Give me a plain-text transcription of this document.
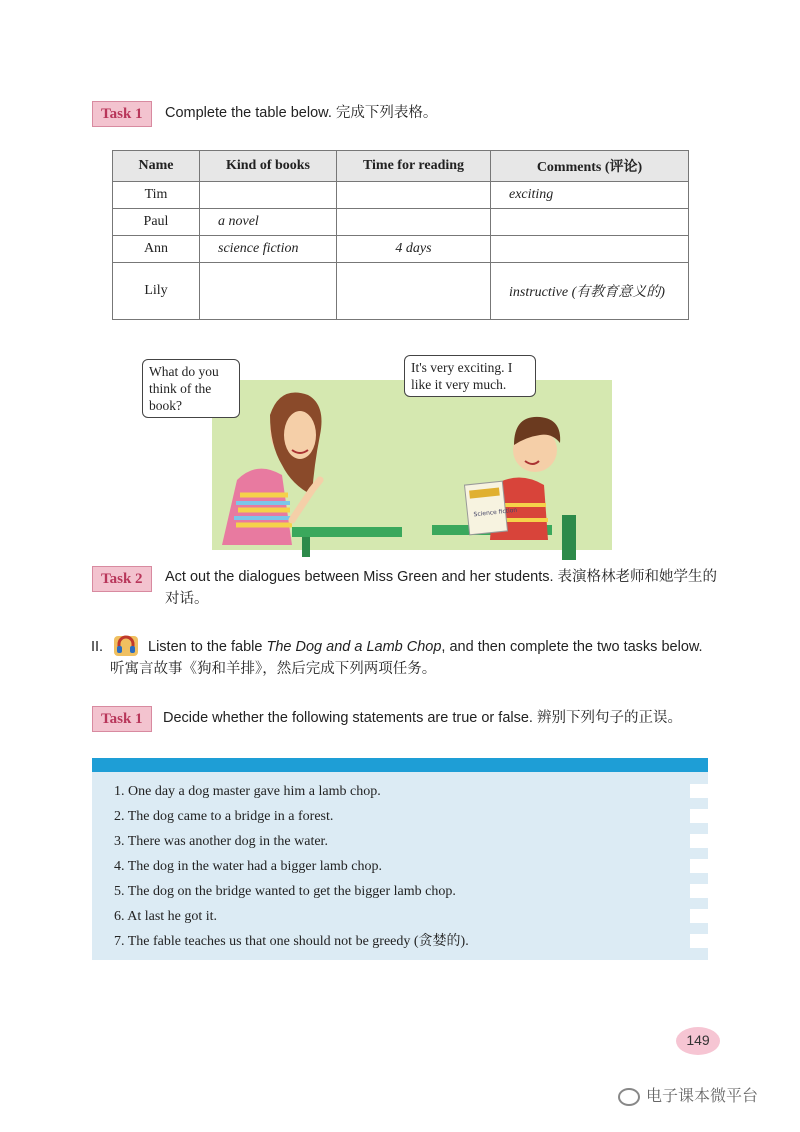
Task 1	Complete the table below. 完成下列表格。
Name	Kind of books	Time for reading	Comments (评论)
Tim			exciting
Paul	a novel		
Ann	science fiction	4 days	
Lily			instructive (有教育意义的)
Science fiction
What do you think of the book?
It's very exciting. I like it very much.
Task 2	Act out the dialogues between Miss Green and her students. 表演格林老师和她学生的对话。
II.	Listen to the fable The Dog and a Lamb Chop, and then complete the two tasks below. 听寓言故事《狗和羊排》，然后完成下列两项任务。
Task 1	Decide whether the following statements are true or false. 辨别下列句子的正误。
1. One day a dog master gave him a lamb chop.
2. The dog came to a bridge in a forest.
3. There was another dog in the water.
4. The dog in the water had a bigger lamb chop.
5. The dog on the bridge wanted to get the bigger lamb chop.
6. At last he got it.
7. The fable teaches us that one should not be greedy (贪婪的).
149
电子课本微平台
